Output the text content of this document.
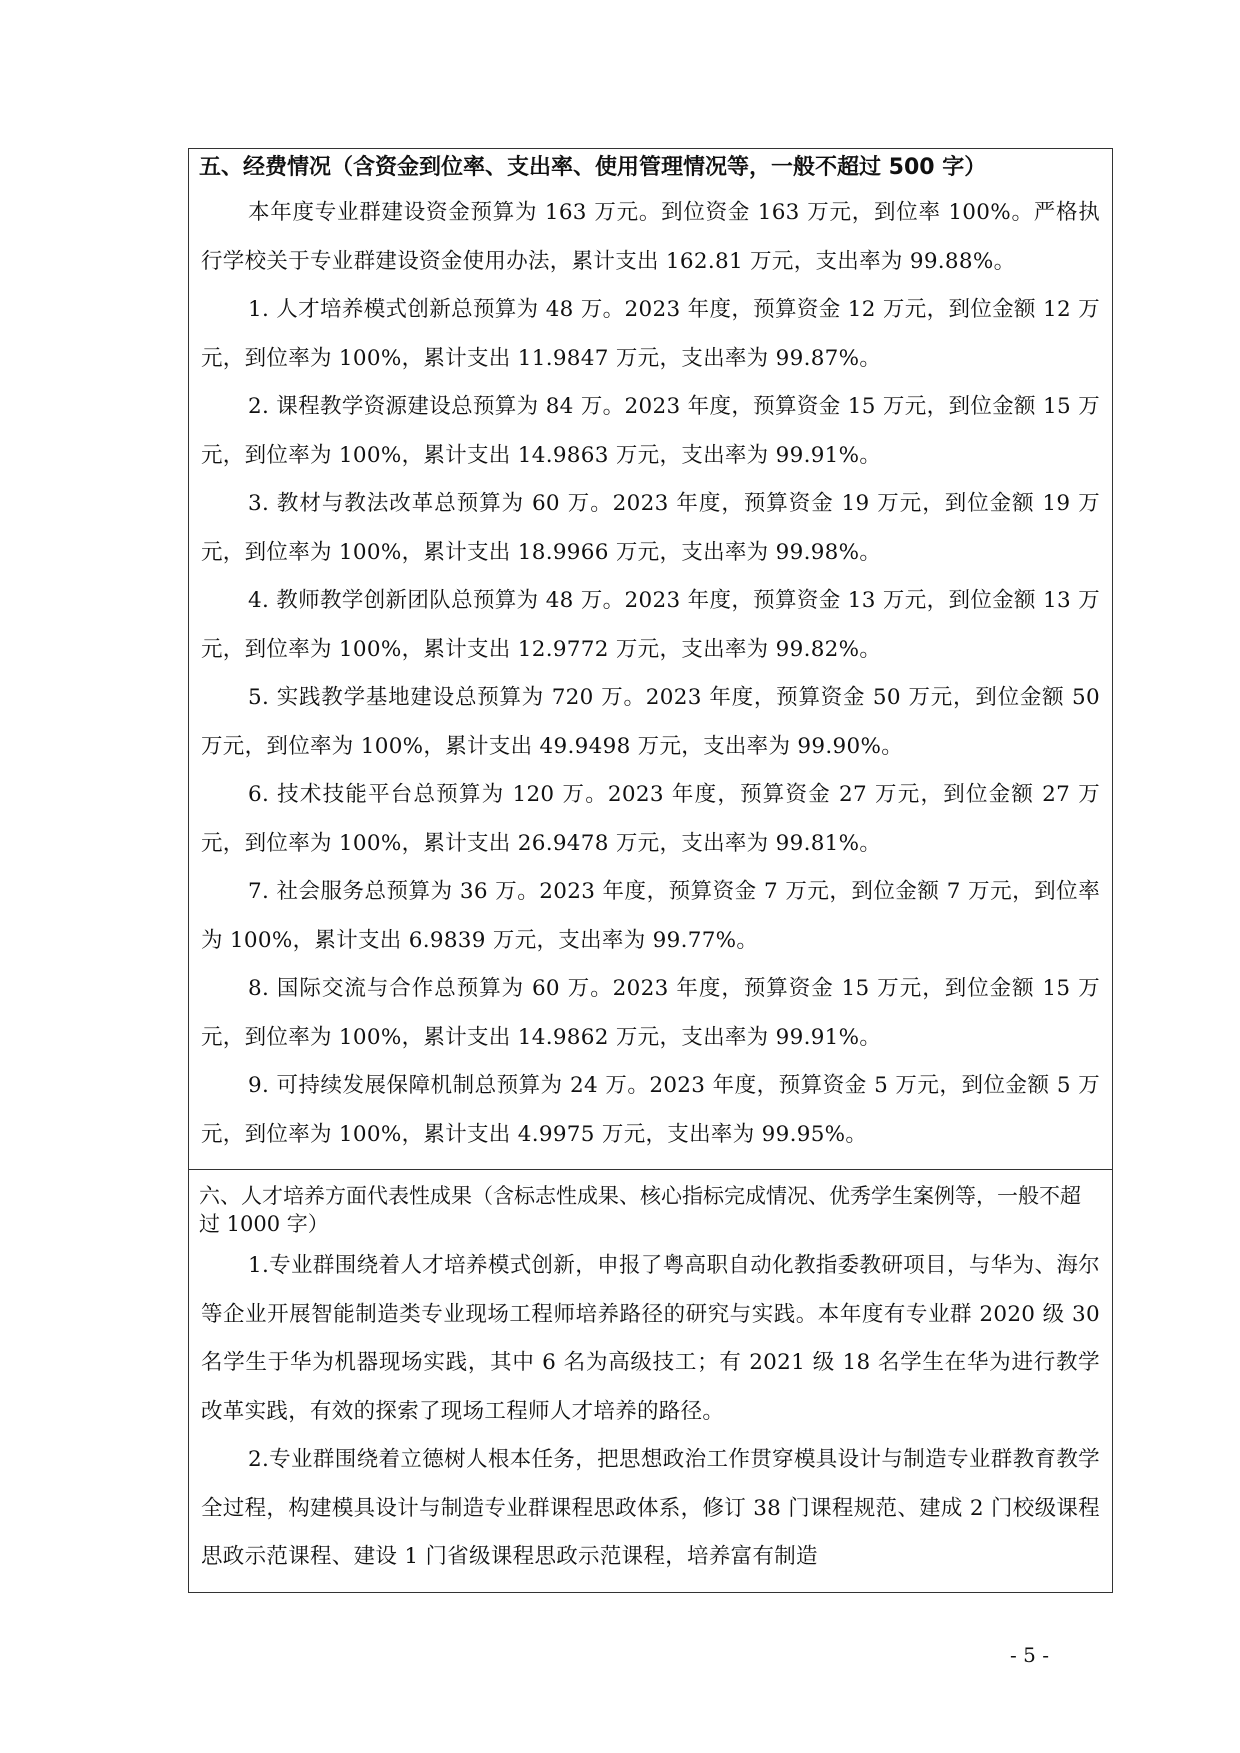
五、经费情况（含资金到位率、支出率、使用管理情况等，一般不超过 500 字）

本年度专业群建设资金预算为 163 万元。到位资金 163 万元，到位率 100%。严格执行学校关于专业群建设资金使用办法，累计支出 162.81 万元，支出率为 99.88%。

1. 人才培养模式创新总预算为 48 万。2023 年度，预算资金 12 万元，到位金额 12 万元，到位率为 100%，累计支出 11.9847 万元，支出率为 99.87%。

2. 课程教学资源建设总预算为 84 万。2023 年度，预算资金 15 万元，到位金额 15 万元，到位率为 100%，累计支出 14.9863 万元，支出率为 99.91%。

3. 教材与教法改革总预算为 60 万。2023 年度，预算资金 19 万元，到位金额 19 万元，到位率为 100%，累计支出 18.9966 万元，支出率为 99.98%。

4. 教师教学创新团队总预算为 48 万。2023 年度，预算资金 13 万元，到位金额 13 万元，到位率为 100%，累计支出 12.9772 万元，支出率为 99.82%。

5. 实践教学基地建设总预算为 720 万。2023 年度，预算资金 50 万元，到位金额 50 万元，到位率为 100%，累计支出 49.9498 万元，支出率为 99.90%。

6. 技术技能平台总预算为 120 万。2023 年度，预算资金 27 万元，到位金额 27 万元，到位率为 100%，累计支出 26.9478 万元，支出率为 99.81%。

7. 社会服务总预算为 36 万。2023 年度，预算资金 7 万元，到位金额 7 万元，到位率为 100%，累计支出 6.9839 万元，支出率为 99.77%。

8. 国际交流与合作总预算为 60 万。2023 年度，预算资金 15 万元，到位金额 15 万元，到位率为 100%，累计支出 14.9862 万元，支出率为 99.91%。

9. 可持续发展保障机制总预算为 24 万。2023 年度，预算资金 5 万元，到位金额 5 万元，到位率为 100%，累计支出 4.9975 万元，支出率为 99.95%。

六、人才培养方面代表性成果（含标志性成果、核心指标完成情况、优秀学生案例等，一般不超过 1000 字）

1.专业群围绕着人才培养模式创新，申报了粤高职自动化教指委教研项目，与华为、海尔等企业开展智能制造类专业现场工程师培养路径的研究与实践。本年度有专业群 2020 级 30 名学生于华为机器现场实践，其中 6 名为高级技工；有 2021 级 18 名学生在华为进行教学改革实践，有效的探索了现场工程师人才培养的路径。

2.专业群围绕着立德树人根本任务，把思想政治工作贯穿模具设计与制造专业群教育教学全过程，构建模具设计与制造专业群课程思政体系，修订 38 门课程规范、建成 2 门校级课程思政示范课程、建设 1 门省级课程思政示范课程，培养富有制造

- 5 -
